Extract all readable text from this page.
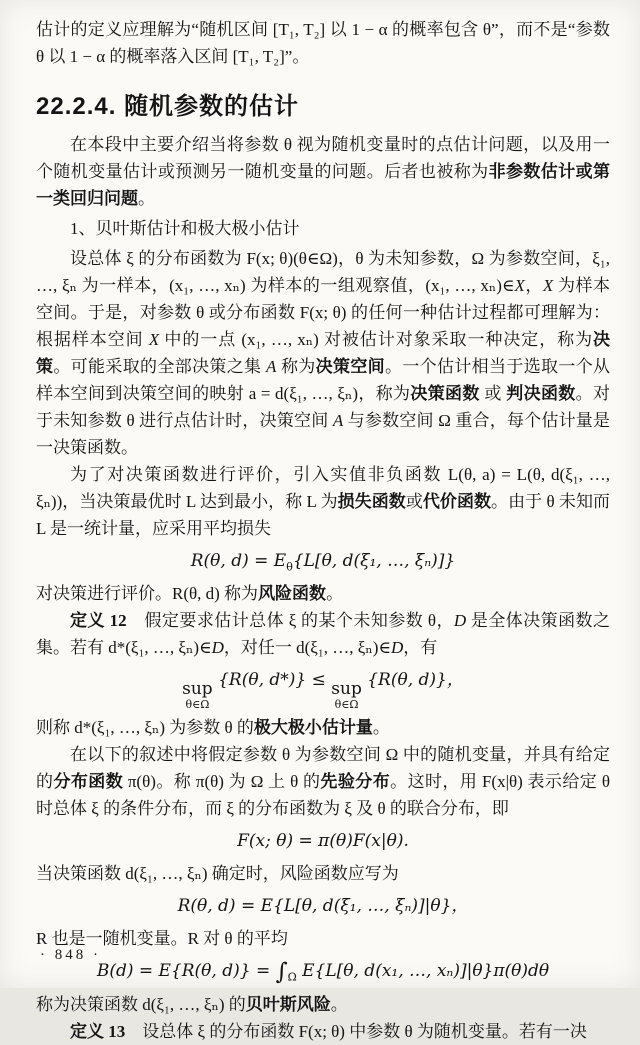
估计的定义应理解为“随机区间 [T₁, T₂] 以 1 − α 的概率包含 θ”，而不是“参数 θ 以 1 − α 的概率落入区间 [T₁, T₂]”。

22.2.4. 随机参数的估计

在本段中主要介绍当将参数 θ 视为随机变量时的点估计问题，以及用一个随机变量估计或预测另一随机变量的问题。后者也被称为非参数估计或第一类回归问题。

1、贝叶斯估计和极大极小估计

设总体 ξ 的分布函数为 F(x; θ)(θ∈Ω)，θ 为未知参数，Ω 为参数空间，ξ₁, …, ξₙ 为一样本，(x₁, …, xₙ) 为样本的一组观察值，(x₁, …, xₙ)∈X，X 为样本空间。于是，对参数 θ 或分布函数 F(x; θ) 的任何一种估计过程都可理解为：根据样本空间 X 中的一点 (x₁, …, xₙ) 对被估计对象采取一种决定，称为决策。可能采取的全部决策之集 A 称为决策空间。一个估计相当于选取一个从样本空间到决策空间的映射 a = d(ξ₁, …, ξₙ)，称为决策函数 或 判决函数。对于未知参数 θ 进行点估计时，决策空间 A 与参数空间 Ω 重合，每个估计量是一决策函数。

为了对决策函数进行评价，引入实值非负函数 L(θ, a) = L(θ, d(ξ₁, …, ξₙ))，当决策最优时 L 达到最小，称 L 为损失函数或代价函数。由于 θ 未知而 L 是一统计量，应采用平均损失

R(θ, $d) = E_\theta\{L[\theta$, d(ξ₁, …, ξₙ)]}

对决策进行评价。R(θ, d) 称为风险函数。

定义 12　假定要求估计总体 ξ 的某个未知参数 θ，D 是全体决策函数之集。若有 d*(ξ₁, …, ξₙ)∈D，对任一 d(ξ₁, …, ξₙ)∈D，有

sup
θ∈Ω
{R(θ, d*)} ≤ sup
θ∈Ω
{R(θ, d)}，

则称 d*(ξ₁, …, ξₙ) 为参数 θ 的极大极小估计量。

在以下的叙述中将假定参数 θ 为参数空间 Ω 中的随机变量，并具有给定的分布函数 π(θ)。称 π(θ) 为 Ω 上 θ 的先验分布。这时，用 F(x|θ) 表示给定 θ 时总体 ξ 的条件分布，而 ξ 的分布函数为 ξ 及 θ 的联合分布，即

F(x; θ) = π(θ)F(x|θ).

当决策函数 d(ξ₁, …, ξₙ) 确定时，风险函数应写为

R(θ, d) = E{L[θ, d(ξ₁, …, ξₙ)]|θ}，

R 也是一随机变量。R 对 θ 的平均

B(d) = E{R(θ, $d)\} = \int_\Omega$ E{L[θ, d(x₁, …, xₙ)]|θ}π(θ)dθ

称为决策函数 d(ξ₁, …, ξₙ) 的贝叶斯风险。

定义 13　设总体 ξ 的分布函数 F(x; θ) 中参数 θ 为随机变量。若有一决

· 848 ·
